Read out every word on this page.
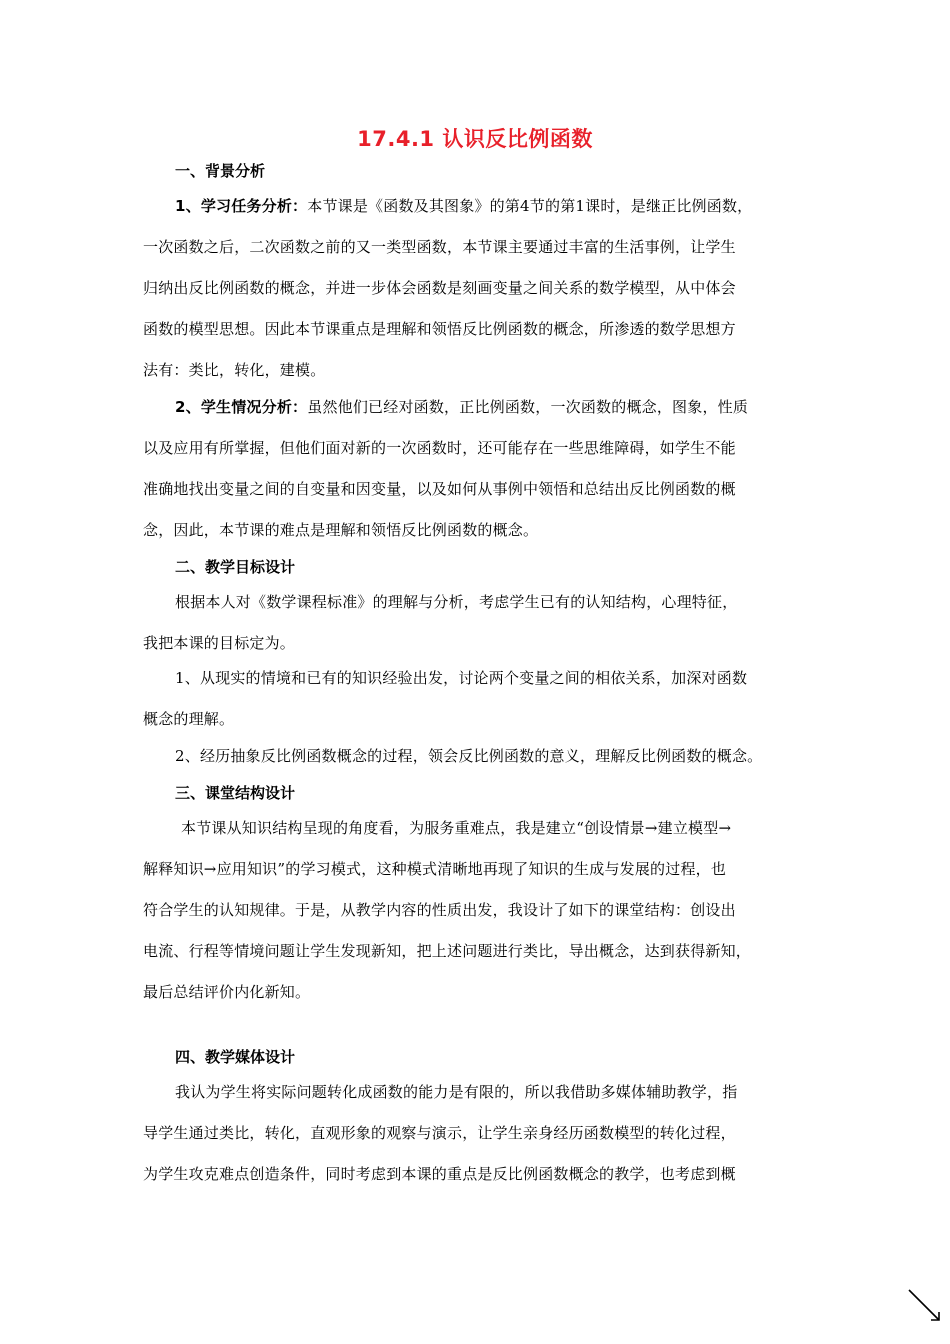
17.4.1 认识反比例函数
一、背景分析
1、学习任务分析：本节课是《函数及其图象》的第4节的第1课时，是继正比例函数，
一次函数之后，二次函数之前的又一类型函数，本节课主要通过丰富的生活事例，让学生
归纳出反比例函数的概念，并进一步体会函数是刻画变量之间关系的数学模型，从中体会
函数的模型思想。因此本节课重点是理解和领悟反比例函数的概念，所渗透的数学思想方
法有：类比，转化，建模。
2、学生情况分析：虽然他们已经对函数，正比例函数，一次函数的概念，图象，性质
以及应用有所掌握，但他们面对新的一次函数时，还可能存在一些思维障碍，如学生不能
准确地找出变量之间的自变量和因变量，以及如何从事例中领悟和总结出反比例函数的概
念，因此，本节课的难点是理解和领悟反比例函数的概念。
二、教学目标设计
根据本人对《数学课程标准》的理解与分析，考虑学生已有的认知结构，心理特征，
我把本课的目标定为。
1、从现实的情境和已有的知识经验出发，讨论两个变量之间的相依关系，加深对函数
概念的理解。
2、经历抽象反比例函数概念的过程，领会反比例函数的意义，理解反比例函数的概念。
三、课堂结构设计
本节课从知识结构呈现的角度看，为服务重难点，我是建立“创设情景→建立模型→
解释知识→应用知识”的学习模式，这种模式清晰地再现了知识的生成与发展的过程，也
符合学生的认知规律。于是，从教学内容的性质出发，我设计了如下的课堂结构：创设出
电流、行程等情境问题让学生发现新知，把上述问题进行类比，导出概念，达到获得新知，
最后总结评价内化新知。
四、教学媒体设计
我认为学生将实际问题转化成函数的能力是有限的，所以我借助多媒体辅助教学，指
导学生通过类比，转化，直观形象的观察与演示，让学生亲身经历函数模型的转化过程，
为学生攻克难点创造条件，同时考虑到本课的重点是反比例函数概念的教学，也考虑到概
